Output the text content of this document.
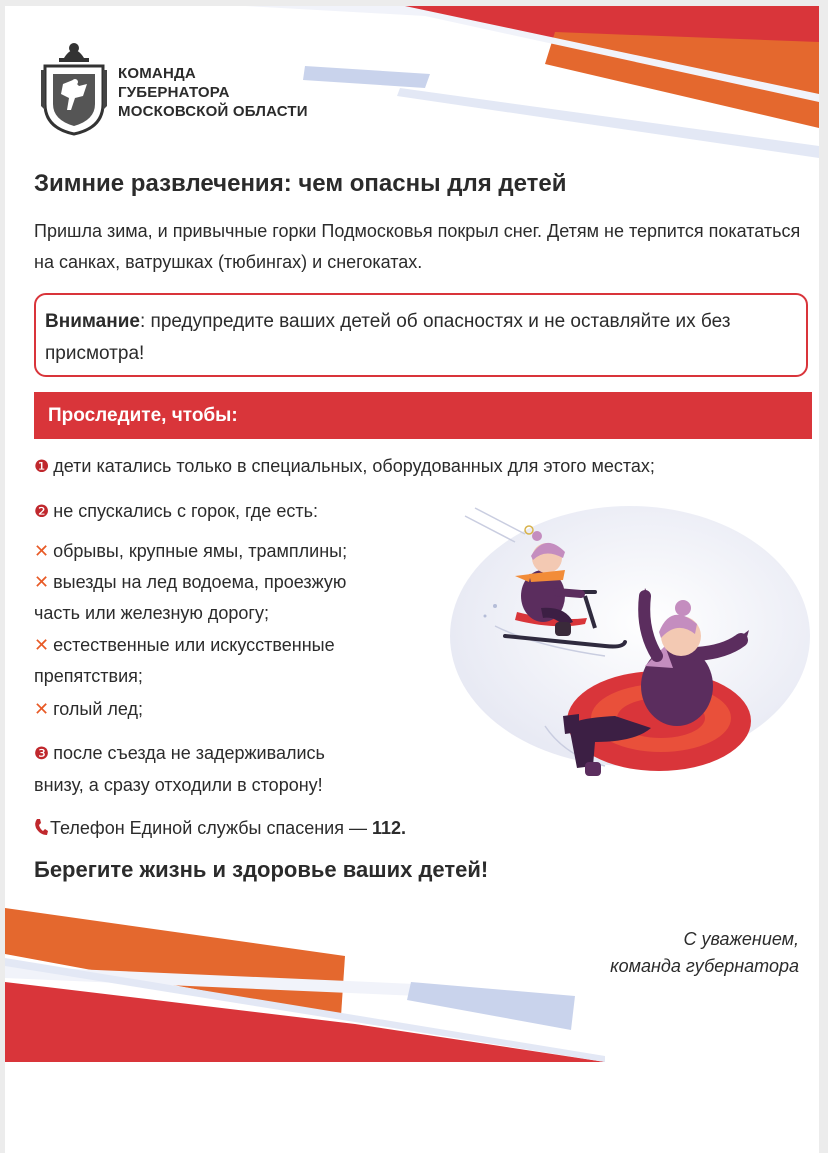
КОМАНДА
ГУБЕРНАТОРА
МОСКОВСКОЙ ОБЛАСТИ
Зимние развлечения: чем опасны для детей

Пришла зима, и привычные горки Подмосковья покрыл снег. Детям не терпится покататься на санках, ватрушках (тюбингах) и снегокатах.

Внимание: предупредите ваших детей об опасностях и не оставляйте их без присмотра!
Проследите, чтобы:
❶ дети катались только в специальных, оборудованных для этого местах;
❷ не спускались с горок, где есть:
✕ обрывы, крупные ямы, трамплины;
✕ выезды на лед водоема, проезжую
часть или железную дорогу;
✕ естественные или искусственные
препятствия;
✕ голый лед;
❸ после съезда не задерживались
внизу, а сразу отходили в сторону!
Телефон Единой службы спасения — 112.
Берегите жизнь и здоровье ваших детей!
С уважением,
команда губернатора
